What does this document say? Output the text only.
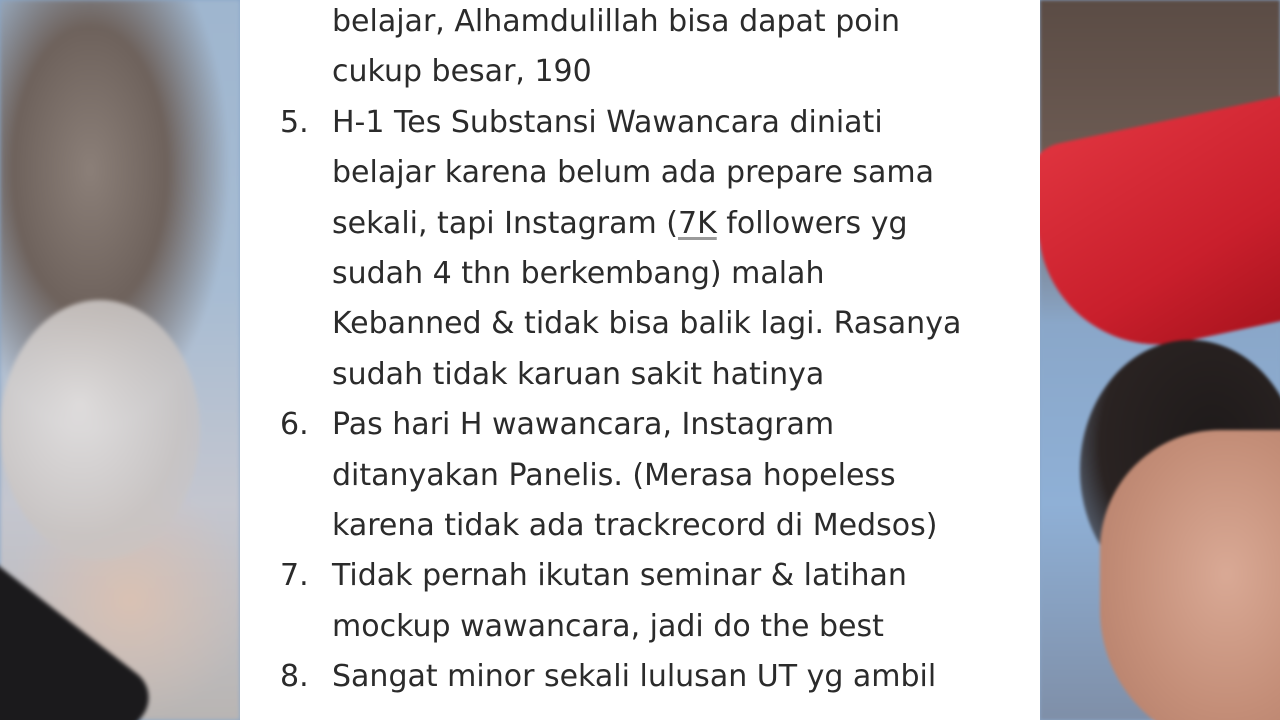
belajar, Alhamdulillah bisa dapat poin
cukup besar, 190
5. H-1 Tes Substansi Wawancara diniati
belajar karena belum ada prepare sama
sekali, tapi Instagram (7K followers yg
sudah 4 thn berkembang) malah
Kebanned & tidak bisa balik lagi. Rasanya
sudah tidak karuan sakit hatinya
6. Pas hari H wawancara, Instagram
ditanyakan Panelis. (Merasa hopeless
karena tidak ada trackrecord di Medsos)
7. Tidak pernah ikutan seminar & latihan
mockup wawancara, jadi do the best
8. Sangat minor sekali lulusan UT yg ambil
